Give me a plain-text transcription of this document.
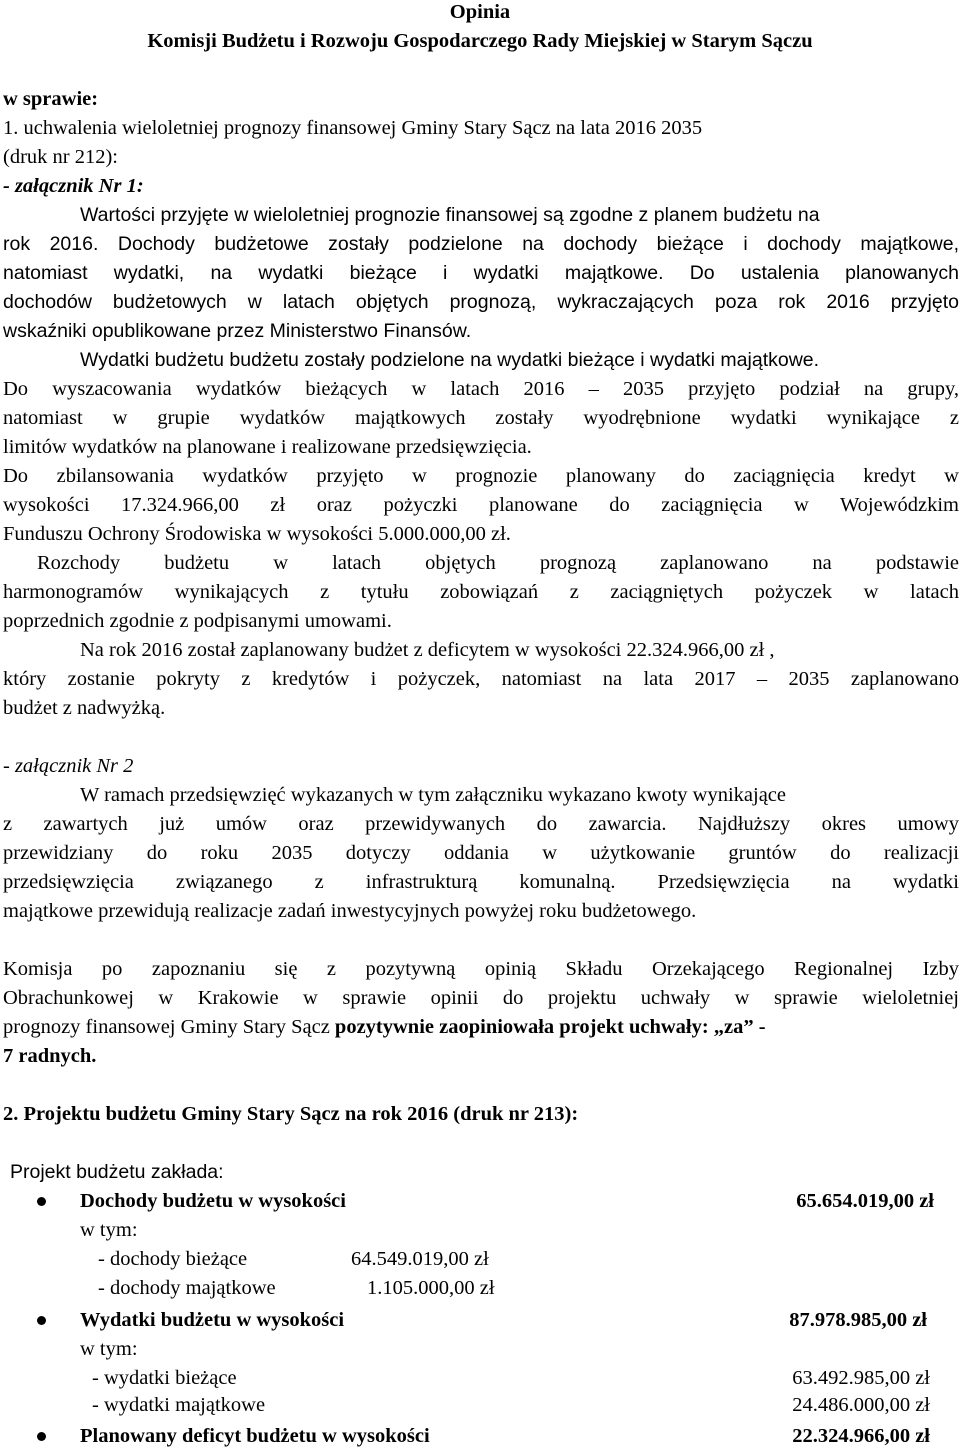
Opinia
Komisji Budżetu i Rozwoju Gospodarczego Rady Miejskiej w Starym Sączu
w sprawie:
1. uchwalenia wieloletniej prognozy finansowej Gminy Stary Sącz na lata 2016 2035
(druk nr 212):
- załącznik Nr 1:
Wartości przyjęte w wieloletniej prognozie finansowej są zgodne z planem budżetu na
rok 2016. Dochody budżetowe zostały podzielone na dochody bieżące i dochody majątkowe,
natomiast wydatki, na wydatki bieżące i wydatki majątkowe. Do ustalenia planowanych
dochodów budżetowych w latach objętych prognozą, wykraczających poza rok 2016 przyjęto
wskaźniki opublikowane przez Ministerstwo Finansów.
Wydatki budżetu budżetu zostały podzielone na wydatki bieżące i wydatki majątkowe.
Do wyszacowania wydatków bieżących w latach 2016 – 2035 przyjęto podział na grupy,
natomiast w grupie wydatków majątkowych zostały wyodrębnione wydatki wynikające z
limitów wydatków na planowane i realizowane przedsięwzięcia.
Do zbilansowania wydatków przyjęto w prognozie planowany do zaciągnięcia kredyt w
wysokości 17.324.966,00 zł oraz pożyczki planowane do zaciągnięcia w Wojewódzkim
Funduszu Ochrony Środowiska w wysokości 5.000.000,00 zł.
Rozchody budżetu w latach objętych prognozą zaplanowano na podstawie
harmonogramów wynikających z tytułu zobowiązań z zaciągniętych pożyczek w latach
poprzednich zgodnie z podpisanymi umowami.
Na rok 2016 został zaplanowany budżet z deficytem w wysokości 22.324.966,00 zł ,
który zostanie pokryty z kredytów i pożyczek, natomiast na lata 2017 – 2035 zaplanowano
budżet z nadwyżką.
- załącznik Nr 2
W ramach przedsięwzięć wykazanych w tym załączniku wykazano kwoty wynikające
z zawartych już umów oraz przewidywanych do zawarcia. Najdłuższy okres umowy
przewidziany do roku 2035 dotyczy oddania w użytkowanie gruntów do realizacji
przedsięwzięcia związanego z infrastrukturą komunalną. Przedsięwzięcia na wydatki
majątkowe przewidują realizacje zadań inwestycyjnych powyżej roku budżetowego.
Komisja po zapoznaniu się z pozytywną opinią Składu Orzekającego Regionalnej Izby
Obrachunkowej w Krakowie w sprawie opinii do projektu uchwały w sprawie wieloletniej
prognozy finansowej Gminy Stary Sącz pozytywnie zaopiniowała projekt uchwały: „za” -
7 radnych.
2. Projektu budżetu Gminy Stary Sącz na rok 2016 (druk nr 213):
Projekt budżetu zakłada:
Dochody budżetu w wysokości	65.654.019,00 zł
w tym:
- dochody bieżące	64.549.019,00 zł
- dochody majątkowe	1.105.000,00 zł
Wydatki budżetu w wysokości	87.978.985,00 zł
w tym:
- wydatki bieżące	63.492.985,00 zł
- wydatki majątkowe	24.486.000,00 zł
Planowany deficyt budżetu w wysokości	22.324.966,00 zł
